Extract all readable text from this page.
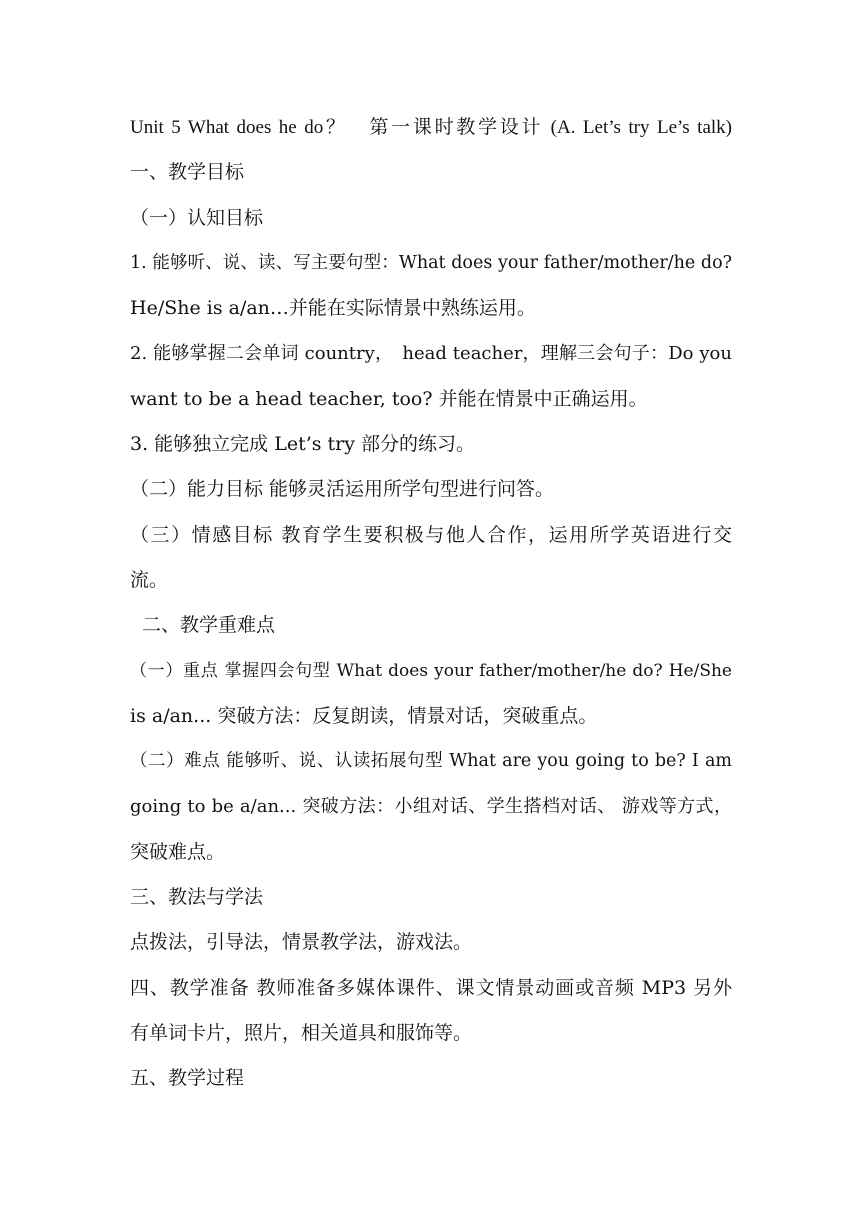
Unit 5 What does he do？　第一课时教学设计 (A. Let’s try Le’s talk)
一、教学目标
（一）认知目标
1. 能够听、说、读、写主要句型：What does your father/mother/he do?
He/She is a/an…并能在实际情景中熟练运用。
2. 能够掌握二会单词 country，　head teacher，理解三会句子：Do you
want to be a head teacher, too? 并能在情景中正确运用。
3. 能够独立完成 Let’s try 部分的练习。
（二）能力目标 能够灵活运用所学句型进行问答。
（三）情感目标 教育学生要积极与他人合作，运用所学英语进行交
流。
二、教学重难点
（一）重点 掌握四会句型 What does your father/mother/he do? He/She
is a/an... 突破方法：反复朗读，情景对话，突破重点。
（二）难点 能够听、说、认读拓展句型 What are you going to be? I am
going to be a/an... 突破方法：小组对话、学生搭档对话、 游戏等方式，
突破难点。
三、教法与学法
点拨法，引导法，情景教学法，游戏法。
四、教学准备 教师准备多媒体课件、课文情景动画或音频 MP3 另外
有单词卡片，照片，相关道具和服饰等。
五、教学过程
